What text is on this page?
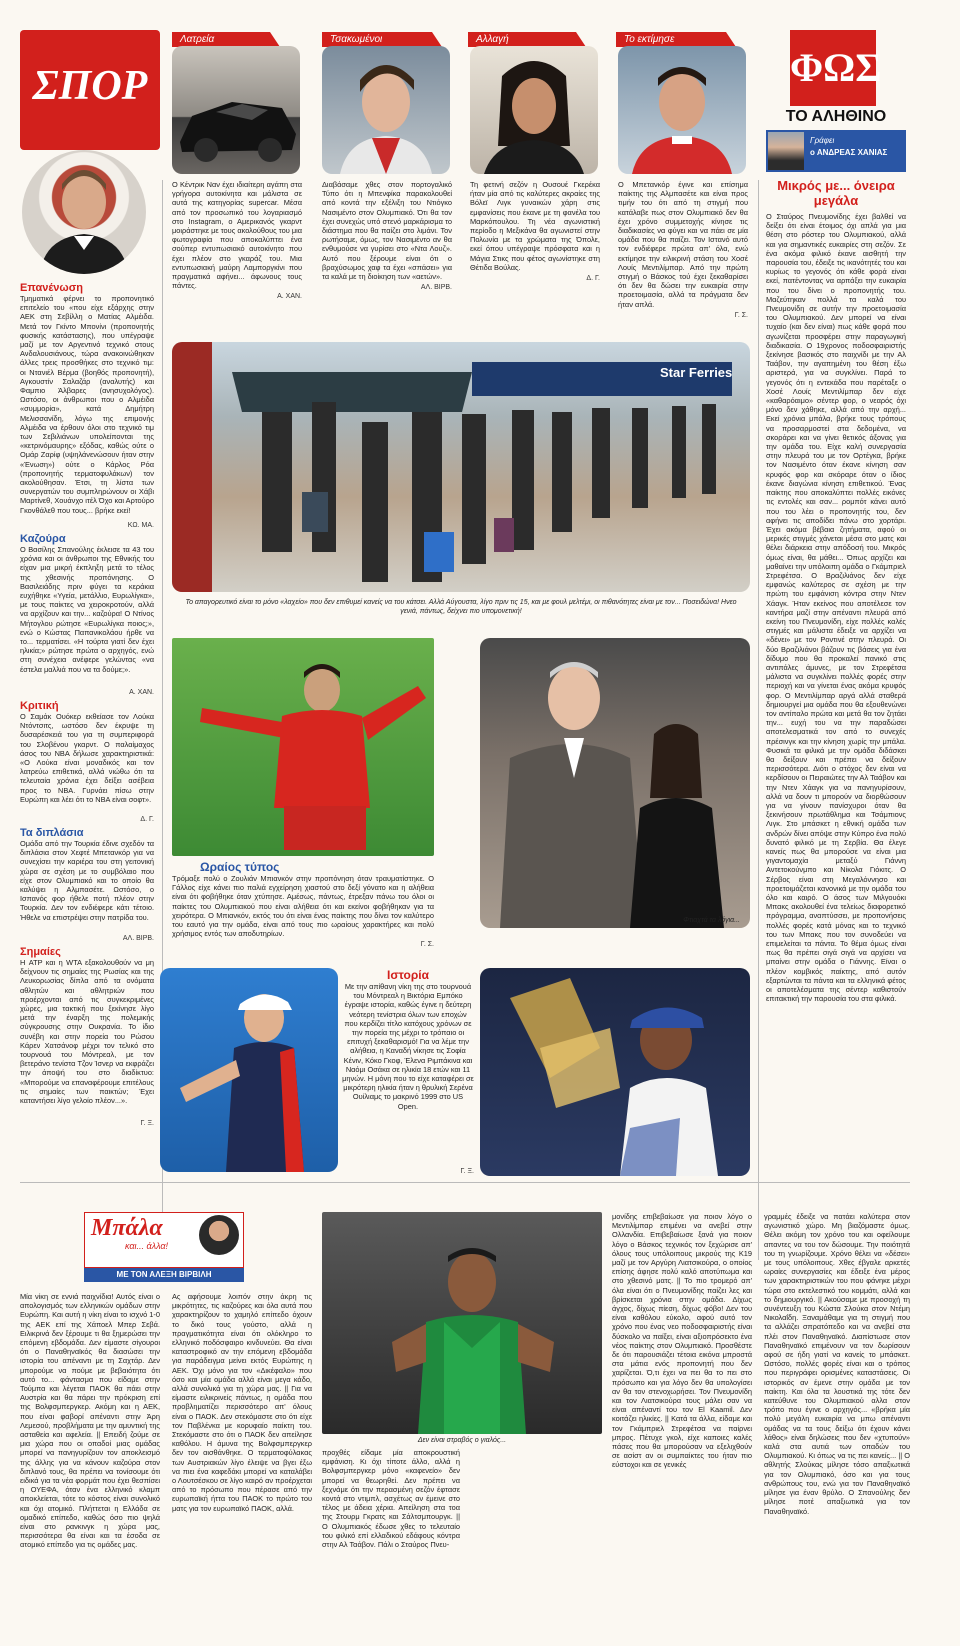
ΣΠΟΡ
Λατρεία	Τσακωμένοι	Αλλαγή	Το εκτίμησε
ΦΩΣ
ΤΟ ΑΛΗΘΙΝΟ
Γράφει
ο ΑΝΔΡΕΑΣ ΧΑΝΙΑΣ
Ο Κέντρικ Ναν έχει ιδιαίτερη αγάπη στα γρήγορα αυτοκίνητα και μάλιστα σε αυτά της κατηγορίας supercar. Μέσα από τον προσωπικό του λογαριασμό στο Instagram, ο Αμερικανός γκαρντ μοιράστηκε με τους ακολούθους του μια φωτογραφία που αποκαλύπτει ένα σούπερ εντυπωσιακό αυτοκίνητο που έχει πλέον στο γκαράζ του. Μια εντυπωσιακή μαύρη Λαμποργκίνι που πραγματικά αφήνει... άφωνους τους πάντες.
Α. ΧΑΝ.
Διαβάσαμε χθες στον πορτογαλικό Τύπο ότι η Μπενφίκα παρακολουθεί από κοντά την εξέλιξη του Ντιόγκο Νασιμέντο στον Ολυμπιακό. Ότι θα τον έχει συνεχώς υπό στενό μαρκάρισμα το διάστημα που θα παίζει στο λιμάνι. Τον ρωτήσαμε, όμως, τον Νασιμέντο αν θα ενθυμούσε να γυρίσει στο «Ντα Λουζ». Αυτό που ξέρουμε είναι ότι ο βραχύσωμος χαφ τα έχει «σπάσει» για τα καλά με τη διοίκηση των «αετών».
ΑΛ. ΒΙΡΒ.
Τη φετινή σεζόν η Ουσουέ Γκερέκα ήταν μία από τις καλύτερες ακραίες της Βόλεϊ Λιγκ γυναικών χάρη στις εμφανίσεις που έκανε με τη φανέλα του Μαρκόπουλου. Τη νέα αγωνιστική περίοδο η Μεξικάνα θα αγωνιστεί στην Πολωνία με τα χρώματα της Όπολε, εκεί όπου υπέγραψε πρόσφατα και η Μάγια Στικς που φέτος αγωνίστηκε στη Θέτιδα Βούλας.
Δ. Γ.
Ο Μπετανκόρ έγινε και επίσημα παίκτης της Αλμπασέτε και είναι προς τιμήν του ότι από τη στιγμή που κατάλαβε πως στον Ολυμπιακό δεν θα έχει χρόνο συμμετοχής κίνησε τις διαδικασίες να φύγει και να πάει σε μία ομάδα που θα παίζει. Τον Ιστανό αυτό τον ενδιέφερε πρώτα απ' όλα, ενώ εκτίμησε την ειλικρινή στάση του Χοσέ Λουίς Μεντιλίμπαρ. Από την πρώτη στιγμή ο Βάσκος τού έχει ξεκαθαρίσει ότι δεν θα δώσει την ευκαιρία στην προετοιμασία, αλλά τα πράγματα δεν ήταν απλά.
Γ. Σ.
Επανένωση
Τμηματικά φέρνει το προπονητικό επιτελείο του «που είχε εξάρχης στην ΑΕΚ στη Σεβίλλη ο Ματίας Αλμέιδα. Μετά τον Γκίντο Μπονίνι (προπονητής φυσικής κατάστασης), που υπέγραψε μαζί με τον Αργεντινό τεχνικό στους Ανδαλουσιάνους, τώρα ανακοινώθηκαν άλλες τρεις προσθήκες στο τεχνικό τιμ: οι Ντανιέλ Βέρμα (βοηθός προπονητή), Αγκουστίν Σαλαζάρ (αναλυτής) και Φαμπιο Άλβαρες (ανησυχολόγος). Ωστόσο, οι άνθρωποι που ο Αλμέιδα «συμμορία», κατά Δημήτρη Μελισσανίδη, λόγω της επιμονής Αλμέιδα να έρθουν όλοι στο τεχνικό τιμ των Σεβιλιάνων υπολείπονται της «κετρινόμαυρης» εξόδας, καθώς ούτε ο Ομάρ Ζαρίφ (υψηλάνενώσουν ήταν στην «Ένωση») ούτε ο Κάρλος Ρόα (προπονητής τερματοφυλάκων) τον ακολούθησαν. Έτσι, τη λίστα των συνεργατών του συμπληρώνουν οι Χάβι Μαρτίνεθ, Χουάνχο ιτέλ Όχο και Αρτούρο Γκονθάλεθ που τους... βρήκε εκεί!
ΚΩ. ΜΑ.
Καζούρα
Ο Βασίλης Σπανούλης έκλεισε τα 43 του χρόνια και οι άνθρωποι της Εθνικής του είχαν μια μικρή έκπληξη μετά το τέλος της χθεσινής προπόνησης. Ο Βασιλειάδης πριν φύγει τα κεράκια ευχήθηκε «Υγεία, μετάλλιο, Ευρωλίγκα», με τους παίκτες να χειροκροτούν, αλλά να αρχίζουν και την... καζούρα! Ο Ντίνος Μήτογλου ρώτησε «Ευρωλίγκα ποιος;», ενώ ο Κώστας Παπανικολάου ήρθε να το... τερματίσει. «Η τούρτα γιατί δεν έχει ηλικία;» ρώτησε πρώτα ο αρχηγός, ενώ στη συνέχεια ανέφερε γελώντας «να έστελα μαλλιά που να τα δούμε;».
Α. ΧΑΝ.
Κριτική
Ο Σαμάκ Ουόκερ εκθείασε τον Λούκα Ντόντσιτς, ωστόσο δεν έκρυψε τη δυσαρέσκειά του για τη συμπεριφορά του Σλοβένου γκαρντ. Ο παλαίμαχος άσος του NBA δήλωσε χαρακτηριστικά: «Ο Λούκα είναι μοναδικός και τον λατρεύω επιθετικά, αλλά νιώθω ότι τα τελευταία χρόνια έχει δείξει ασέβεια προς το NBA. Γυρνάει πίσω στην Ευρώπη και λέει ότι το NBA είναι σοφτ».
Δ. Γ.
Τα διπλάσια
Ομάδα από την Τουρκία έδινε σχεδόν τα διπλάσια στον Χεφτέ Μπετανκόρ για να συνεχίσει την καριέρα του στη γειτονική χώρα σε σχέση με το συμβόλαιο που είχε στον Ολυμπιακό και το οποίο θα καλύψει η Αλμπασέτε. Ωστόσο, ο Ισπανός φορ ήθελε ποτή πλέον στην Τουρκία. Δεν τον ενδιέφερε κάτι τέτοιο. Ήθελε να επιστρέψει στην πατρίδα του.
ΑΛ. ΒΙΡΒ.
Σημαίες
Η ATP και η WTA εξακολουθούν να μη δείχνουν τις σημαίες της Ρωσίας και της Λευκορωσίας δίπλα από τα ονόματα αθλητών και αθλητριών που προέρχονται από τις συγκεκριμένες χώρες, μια τακτική που ξεκίνησε λίγο μετά την έναρξη της πολεμικής σύγκρουσης στην Ουκρανία. Το ίδιο συνέβη και στην πορεία του Ρώσου Κάρεν Χατσάνοφ μέχρι τον τελικό στο τουρνουά του Μόντρεαλ, με τον βετεράνο τενίστα Τζον Ίσνερ να εκφράζει την άποψή του στο διαδίκτυο: «Μπορούμε να επαναφέρουμε επιτέλους τις σημαίες των παικτών; Έχει καταντήσει λίγο γελοίο πλέον...».
Γ. Ξ.
Star Ferries
Το απαγορευτικό είναι το μόνο «λαχείο» που δεν επιθυμεί κανείς να του κάτσει. Αλλά Αύγουστα, λίγο πριν τις 15, και με φουλ μελτέμι, οι πιθανότητες είναι με τον... Ποσειδώνα! Ηνεο γενιά, πάντως, δείχνει πιο υπομονετική!
Ωραίος τύπος
Τρόμαξε πολύ ο Ζουλιάν Μπιανκόν στην προπόνηση όταν τραυματίστηκε. Ο Γάλλος είχε κάνει πιο παλιά εγχείρηση χιαστού στο δεξί γόνατο και η αλήθεια είναι ότι φοβήθηκε όταν χτύπησε. Αμέσως, πάντως, έτρεξαν πάνω του όλοι οι παίκτες του Ολυμπιακού που είναι αλήθεια ότι και εκείνοι φοβήθηκαν για τα χειρότερα. Ο Μπιανκόν, εκτός του ότι είναι ένας παίκτης που δίνει τον καλύτερο του εαυτό για την ομάδα, είναι από τους πιο ωραίους χαρακτήρες και πολύ χρήσιμος εντός των αποδυτηρίων.
Γ. Σ.
Φτιαχτά τα λόγια...
Ιστορία
Με την απίθανη νίκη της στο τουρνουά του Μόντρεαλ η Βικτόρια Εμπόκο έγραψε ιστορία, καθώς έγινε η δεύτερη νεότερη τενίστρια όλων των εποχών που κερδίζει τίτλο κατόχους χρόνων σε την πορεία της μέχρι το τρόπαιο οι επιτυχή ξεκαθαρισμό! Για να λέμε την αλήθεια, η Καναδή νίκησε τις Σοφία Κένιν, Κόκο Γκοφ, Έλενα Ριμπάκινα και Ναόμι Οσάκα σε ηλικία 18 ετών και 11 μηνών. Η μόνη που το είχε καταφέρει σε μικρότερη ηλικία ήταν η θρυλική Σερένα Ουίλιαμς το μακρινό 1999 στο US Open.
Γ. Ξ.
Μικρός με... όνειρα μεγάλα
Ο Σταύρος Πνευμονίδης έχει βαλθεί να δείξει ότι είναι έτοιμος όχι απλά για μια θέση στο ρόστερ του Ολυμπιακού, αλλά και για σημαντικές ευκαιρίες στη σεζόν. Σε ένα ακόμα φιλικό έκανε αισθητή την παρουσία του, έδειξε τις ικανότητές του και κυρίως το γεγονός ότι κάθε φορά είναι εκεί, πατέντοντας να αρπάξει την ευκαιρία που του δίνει ο προπονητής του. Μαζεύτηκαν πολλά τα καλά του Πνευμονίδη σε αυτήν την προετοιμασία του Ολυμπιακού. Δεν μπορεί να είναι τυχαίο (και δεν είναι) πως κάθε φορά που αγωνίζεται προσφέρει στην παραγωγική διαδικασία. Ο 19χρονος ποδοσφαιριστής ξεκίνησε βασικός στο παιχνίδι με την Αλ Ταάβον, την αγαπημένη του θέση έξω αριστερά, για να συγκλίνει. Παρά το γεγονός ότι η εντεκάδα που παρέταξε ο Χοσέ Λουίς Μεντιλίμπαρ δεν είχε «καθαρόαιμο» σέντερ φορ, ο νεαρός όχι μόνο δεν χάθηκε, αλλά από την αρχή... Εκεί χρόνια μπάλα, βρήκε τους τρόπους να προσαρμοστεί στα δεδομένα, να σκοράρει και να γίνει θετικός άξονας για την ομάδα του. Είχε καλή συνεργασία στην πλευρά του με τον Ορτέγκα, βρήκε τον Νασιμέντο όταν έκανε κίνηση σαν κρυφός φορ και σκόραρε όταν ο ίδιος έκανε διαγώνια κίνηση επιθετικού. Ένας παίκτης που αποκαλύπτει πολλές εικόνες τις εντολές και σαν... ρομπότ κάνει αυτό που του λέει ο προπονητής του, δεν αφήνει τις αποδίδει πάνω στο χορτάρι. Έχει ακόμα βέβαια ζητήματα, αφού οι μερικές στιγμές χάνεται μέσα στο ματς και θέλει διάρκεια στην απόδοσή του. Μικρός όμως είναι, θα μάθει... Όπως αρχίζει και μαθαίνει την υπόλοιπη ομάδα ο Γκάμπριελ Στρεφέτσα. Ο Βραζιλιάνος δεν είχε εμφανώς καλύτερος σε σχέση με την πρώτη του εμφάνιση κόντρα στην Ντεν Χάαγκ. Ήταν εκείνος που αποτέλεσε τον καντήρα μαζί στην απέναντι πλευρά από εκείνη του Πνευμονίδη, είχε πολλές καλές στιγμές και μάλιστα έδειξε να αρχίζει να «δένει» με τον Ροντινέ στην πλευρά. Οι δύο Βραζιλιάνοι βάζουν τις βάσεις για ένα δίδυμο που θα προκαλεί πανικό στις αντιπάλες άμυνες, με τον Στρεφέτσα μάλιστα να συγκλίνει πολλές φορές στην περιοχή και να γίνεται ένας ακόμα κρυφός φορ. Ο Μεντιλίμπαρ αργά αλλά σταθερά δημιουργεί μια ομάδα που θα εξουθενώνει τον αντίπαλο πρώτα και μετά θα τον ζητάει την... ευχή του να την παραδώσει αποτελεσματικά τον από το συνεχές πρέσινγκ και την κίνηση χωρίς την μπάλα. Φυσικά τα φιλικά με την ομάδα διδάσκει θα δείξουν και πρέπει να δείξουν περισσότερα. Διότι ο στόχος δεν είναι να κερδίσουν οι Πειραιώτες την Αλ Ταάβον και την Ντεν Χάαγκ για να πανηγυρίσουν, αλλά να δουν τι μπορούν να διορθώσουν για να γίνουν πανίσχυροι όταν θα ξεκινήσουν πρωτάθλημα και Τσάμπιονς Λιγκ. Στο μπάσκετ η εθνική ομάδα των ανδρών δίνει απόψε στην Κύπρο ένα πολύ δυνατό φιλικό με τη Σερβία. Θα έλεγε κανείς πως θα μπορούσε να είναι μια γιγαντομαχία μεταξύ Γιάννη Αντετοκούνμπο και Νίκολα Γιόκιτς. Ο Σέρβος είναι στη Μεγαλόννησο και προετοιμάζεται κανονικά με την ομάδα του όλο και καιρό. Ο άσος των Μιλγουόκι Μπακς ακολουθεί ένα τελείως διαφορετικό πρόγραμμα, αναπτύσσει, με προπονήσεις πολλές φορές κατά μόνας και το τεχνικό του των Μπακς που τον συνοδεύει να επιμελείται τα πάντα. Το θέμα όμως είναι πως θα πρέπει σιγά σιγά να αρχίσει να μπαίνει στην ομάδα ο Γιάννης. Είναι ο πλέον κομβικός παίκτης, από αυτόν εξαρτώνται τα πάντα και τα ελληνικά φέτος οι αποτελέσματα της σέντερ καθιστούν επιτακτική την παρουσία του στα φιλικά.
Μπάλα
και... άλλα!
ΜΕ ΤΟΝ ΑΛΕΞΗ ΒΙΡΒΙΛΗ
Μία νίκη σε εννιά παιχνίδια! Αυτός είναι ο απολογισμός των ελληνικών ομάδων στην Ευρώπη. Και αυτή η νίκη είναι το ισχνό 1-0 της ΑΕΚ επί της Χάποελ Μπερ Σεβά. Ειλικρινά δεν ξέρουμε τι θα ξημερώσει την επόμενη εβδομάδα. Δεν είμαστε σίγουροι ότι ο Παναθηναϊκός θα διασώσει την ιστορία του απέναντι με τη Σαχτάρ. Δεν μπορούμε να πούμε με βεβαιότητα ότι αυτό το... φάντασμα που είδαμε στην Τούμπα και λέγεται ΠΑΟΚ θα πάει στην Αυστρία και θα πάρει την πρόκριση επί της Βολφσμπεργκερ. Ακόμη και η ΑΕΚ, που είναι φαβορί απέναντι στην Άρη Λεμεσού, προβλήματα με την αμυντική της ασταθεία και αφελεία. || Επειδή ζούμε σε μια χώρα που οι οπαδοί μιας ομάδας μπορεί να πανηγυρίζουν τον αποκλεισμό της άλλης για να κάνουν καζούρα στον διπλανό τους, θα πρέπει να τονίσουμε ότι ειδικά για τα νέα φορμάτ που έχει θεσπίσει η ΟΥΕΦΑ, όταν ένα ελληνικό κλαμπ αποκλείεται, τότε το κόστος είναι συνολικό και όχι ατομικό. Πλήττεται η Ελλάδα σε ομαδικό επίπεδο, καθώς όσο πιο ψηλά είναι στο ρανκινγκ η χώρα μας, περισσότερα θα είναι και τα έσοδα σε ατομικό επίπεδο για τις ομάδες μας.
Ας αφήσουμε λοιπόν στην άκρη τις μικρότητες, τις καζούρες και όλα αυτά που χαρακτηρίζουν το χαμηλό επίπεδο όχουν το δικό τους γούστο, αλλά η πραγματικότητα είναι ότι ολόκληρο το ελληνικό ποδόσφαιρο κινδυνεύει. Θα είναι καταστροφικό αν την επόμενη εβδομάδα για παράδειγμα μείνει εκτός Ευρώπης η ΑΕΚ. Όχι μόνο για τον «Δικέφαλο» που όσο και μία ομάδα αλλά είναι μεγα κάδο, αλλά συνολικά για τη χώρα μας. || Για να είμαστε ειλικρινείς πάντως, η ομάδα που προβληματίζει περισσότερο απ' όλους είναι ο ΠΑΟΚ. Δεν στεκόμαστε στο ότι είχε τον Παβλένκα με κορυφαίο παίκτη του. Στεκόμαστε στο ότι ο ΠΑΟΚ δεν απείλησε καθόλου. Η άμυνα της Βολφσμπεργκερ δεν τον αισθάνθηκε. Ο τερματοφύλακας των Αυστριακών λίγο έλειψε να βγει έξω να πιει ένα καφεδάκι μπορεί να καταλάβει ο Λουτσέσκου σε λίγο καιρό αν προέρχεται από το πρόσωπο που πέρασε από την ευρωπαϊκή ήττα του ΠΑΟΚ το πρώτο του ματς για τον ευρωπαϊκό ΠΑΟΚ, αλλά.
Δεν είναι στραβός ο γιαλός...
προχθές είδαμε μία αποκρουστική εμφάνιση. Κι όχι τίποτε άλλο, αλλά η Βολφσμπεργκερ μόνο «καφενείο» δεν μπορεί να θεωρηθεί. Δεν πρέπει να ξεχνάμε ότι την περασμένη σεζόν έφτασε κοντά στο ντιμπλ, ασχέτως αν έμεινε στο τέλος με άδεια χέρια. Απείληση στα τοα της Στουρμ Γκρατς και Σάλτσμπουργκ. || Ο Ολυμπιακός έδωσε χθες το τελευταίο του φιλικό επί ελλαδικού εδάφους κόντρα στην Αλ Ταάβον. Πάλι ο Σταύρος Πνευ-
μονίδης επιβεβαίωσε για ποιον λόγο ο Μεντιλίμπαρ επιμένει να ανεβεί στην Ολλανδία. Επιβεβαίωσε ξανά για ποιον λόγο ο Βάσκος τεχνικός τον ξεχώρισε απ' όλους τους υπόλοιπους μικρούς της Κ19 μαζί με τον Αργύρη Λιατσικούρα, ο οποίος επίσης άφησε πολύ καλό αποτύπωμα και στο χθεσινό ματς. || Το πιο τρομερό απ' όλα είναι ότι ο Πνευμονίδης παίζει λες και βρίσκεται χρόνια στην ομάδα. Δίχως άγχος, δίχως πίεση, δίχως φόβο! Δεν του είναι καθόλου εύκολο, αφού αυτό τον χρόνο που ένας νεο ποδοσφαιριστής είναι δύσκολο να παίξει, είναι αξιοπρόσεκτο ένα νέος παίκτης στον Ολυμπιακό. Προσθέστε δε ότι παρουσιάζει τέτοια εικόνα μπροστά στα μάτια ενός προπονητή που δεν χαρίζεται. Ό,τι έχει να πει θα το πει στο πρόσωπο και για λόγο δεν θα υπολογίσει αν θα τον στενοχωρήσει. Τον Πνευμονίδη και τον Λιατσικούρα τους μάλει σαν να είναι απέναντί του τον El Kaamil. Δεν κοιτάζει ηλικίες. || Κατά τα άλλα, είδαμε και τον Γκάμπριελ Στρεφέτσα να παίρνει μπρος. Πέτυχε γκολ, είχε καποιες καλές πάσες που θα μπορούσαν να εξελιχθούν σε ασίστ αν οι συμπαίκτες του ήταν πιο εύστοχοι και σε γενικές
γραμμές έδειξε να πατάει καλύτερα στον αγωνιστικό χώρο. Μη βιαζόμαστε όμως. Θέλει ακόμη τον χρόνο του και οφείλουμε απαντες να του τον δώσουμε. Την ποιότητά του τη γνωρίζουμε. Χρόνο θέλει να «δέσει» με τους υπόλοιπους. Χθες έβγαλε αρκετές ωραίες συνεργασίες και έδειξε ένα μέρος των χαρακτηριστικών του που φάνηκε μέχρι τώρα στο εκτελεστικό του κομμάτι, αλλά και το δημιουργικό. || Ακούσαμε με προσοχή τη συνέντευξη του Κώστα Σλούκα στον Ντέμη Νικολαΐδη. Ξαναμάθαμε για τη στιγμή που τα αλλάζει σπρατόπεδο και να ανεβεί στα πλέι στον Παναθηναϊκό. Διαπίστωσε στον Παναθηναϊκό επιμένουν να τον δωρίσουν αφού σε ήδη γιατί να κανείς το μπάσκετ. Ωστόσο, πολλές φορές είναι και ο τρόπος που περιγράφει ορισμένες καταστάσεις. Οι ιστορικός αν έμενε στην ομάδα με τον παίκτη. Και όλα τα λουστικά της τότε δεν κατεύθυνε του Ολυμπιακού αλλα στον τρόπο που έγινε ο αρχηγός... «βρήκα μία πολύ μεγάλη ευκαιρία να μπω απέναντι ομάδας να τα τους δείξω ότι έχουν κάνει λάθος» είναι δηλώσεις που δεν «χτυπούν» καλά στα αυτιά των οπαδών του Ολυμπιακού. Κι όπως να τις πει κανείς... || Ο αθλητής Σλούκας μίλησε τόσο απαξιωτικά για τον Ολυμπιακό, όσο και για τους ανθρώπους του, ενώ για τον Παναθηναϊκό μίλησε για έναν θρύλο. Ο Σπανούλης δεν μίλησε ποτέ απαξιωτικά για τον Παναθηναϊκό.
